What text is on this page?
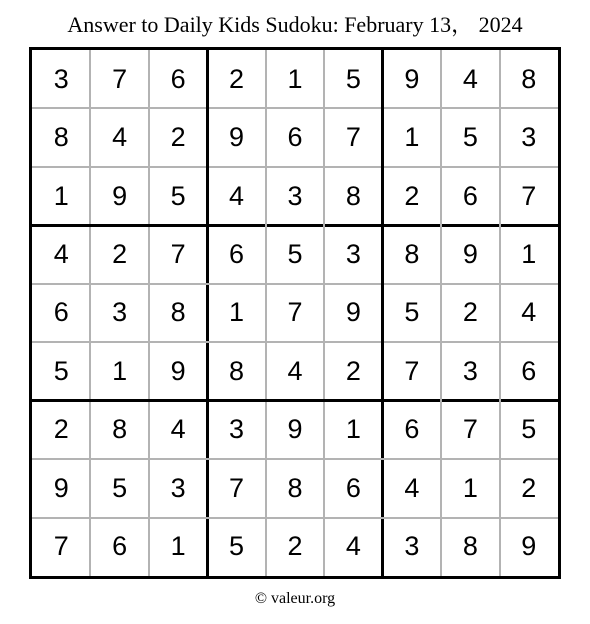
Answer to Daily Kids Sudoku: February 13， 2024
3	7	6	2	1	5	9	4	8
8	4	2	9	6	7	1	5	3
1	9	5	4	3	8	2	6	7
4	2	7	6	5	3	8	9	1
6	3	8	1	7	9	5	2	4
5	1	9	8	4	2	7	3	6
2	8	4	3	9	1	6	7	5
9	5	3	7	8	6	4	1	2
7	6	1	5	2	4	3	8	9
© valeur.org
